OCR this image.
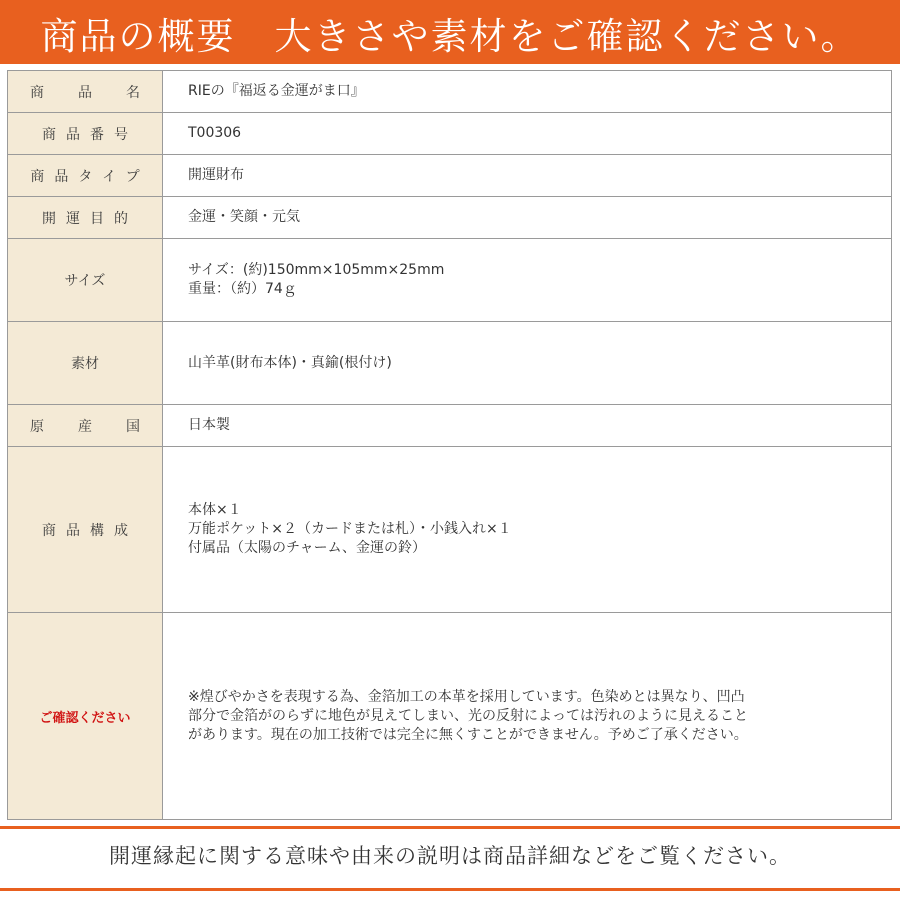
商品の概要　大きさや素材をご確認ください。
商　品　名	RIEの『福返る金運がま口』

商品番号	T00306

商品タイプ	開運財布

開運目的	金運・笑顔・元気

サイズ	サイズ：(約)150mm×105mm×25mm
重量：（約）74ｇ

素材	山羊革(財布本体)・真鍮(根付け)

原　産　国	日本製

商品構成	本体×１
万能ポケット×２（カードまたは札）・小銭入れ×１
付属品（太陽のチャーム、金運の鈴）

ご確認ください	※煌びやかさを表現する為、金箔加工の本革を採用しています。色染めとは異なり、凹凸
部分で金箔がのらずに地色が見えてしまい、光の反射によっては汚れのように見えること
があります。現在の加工技術では完全に無くすことができません。予めご了承ください。
開運縁起に関する意味や由来の説明は商品詳細などをご覧ください。
